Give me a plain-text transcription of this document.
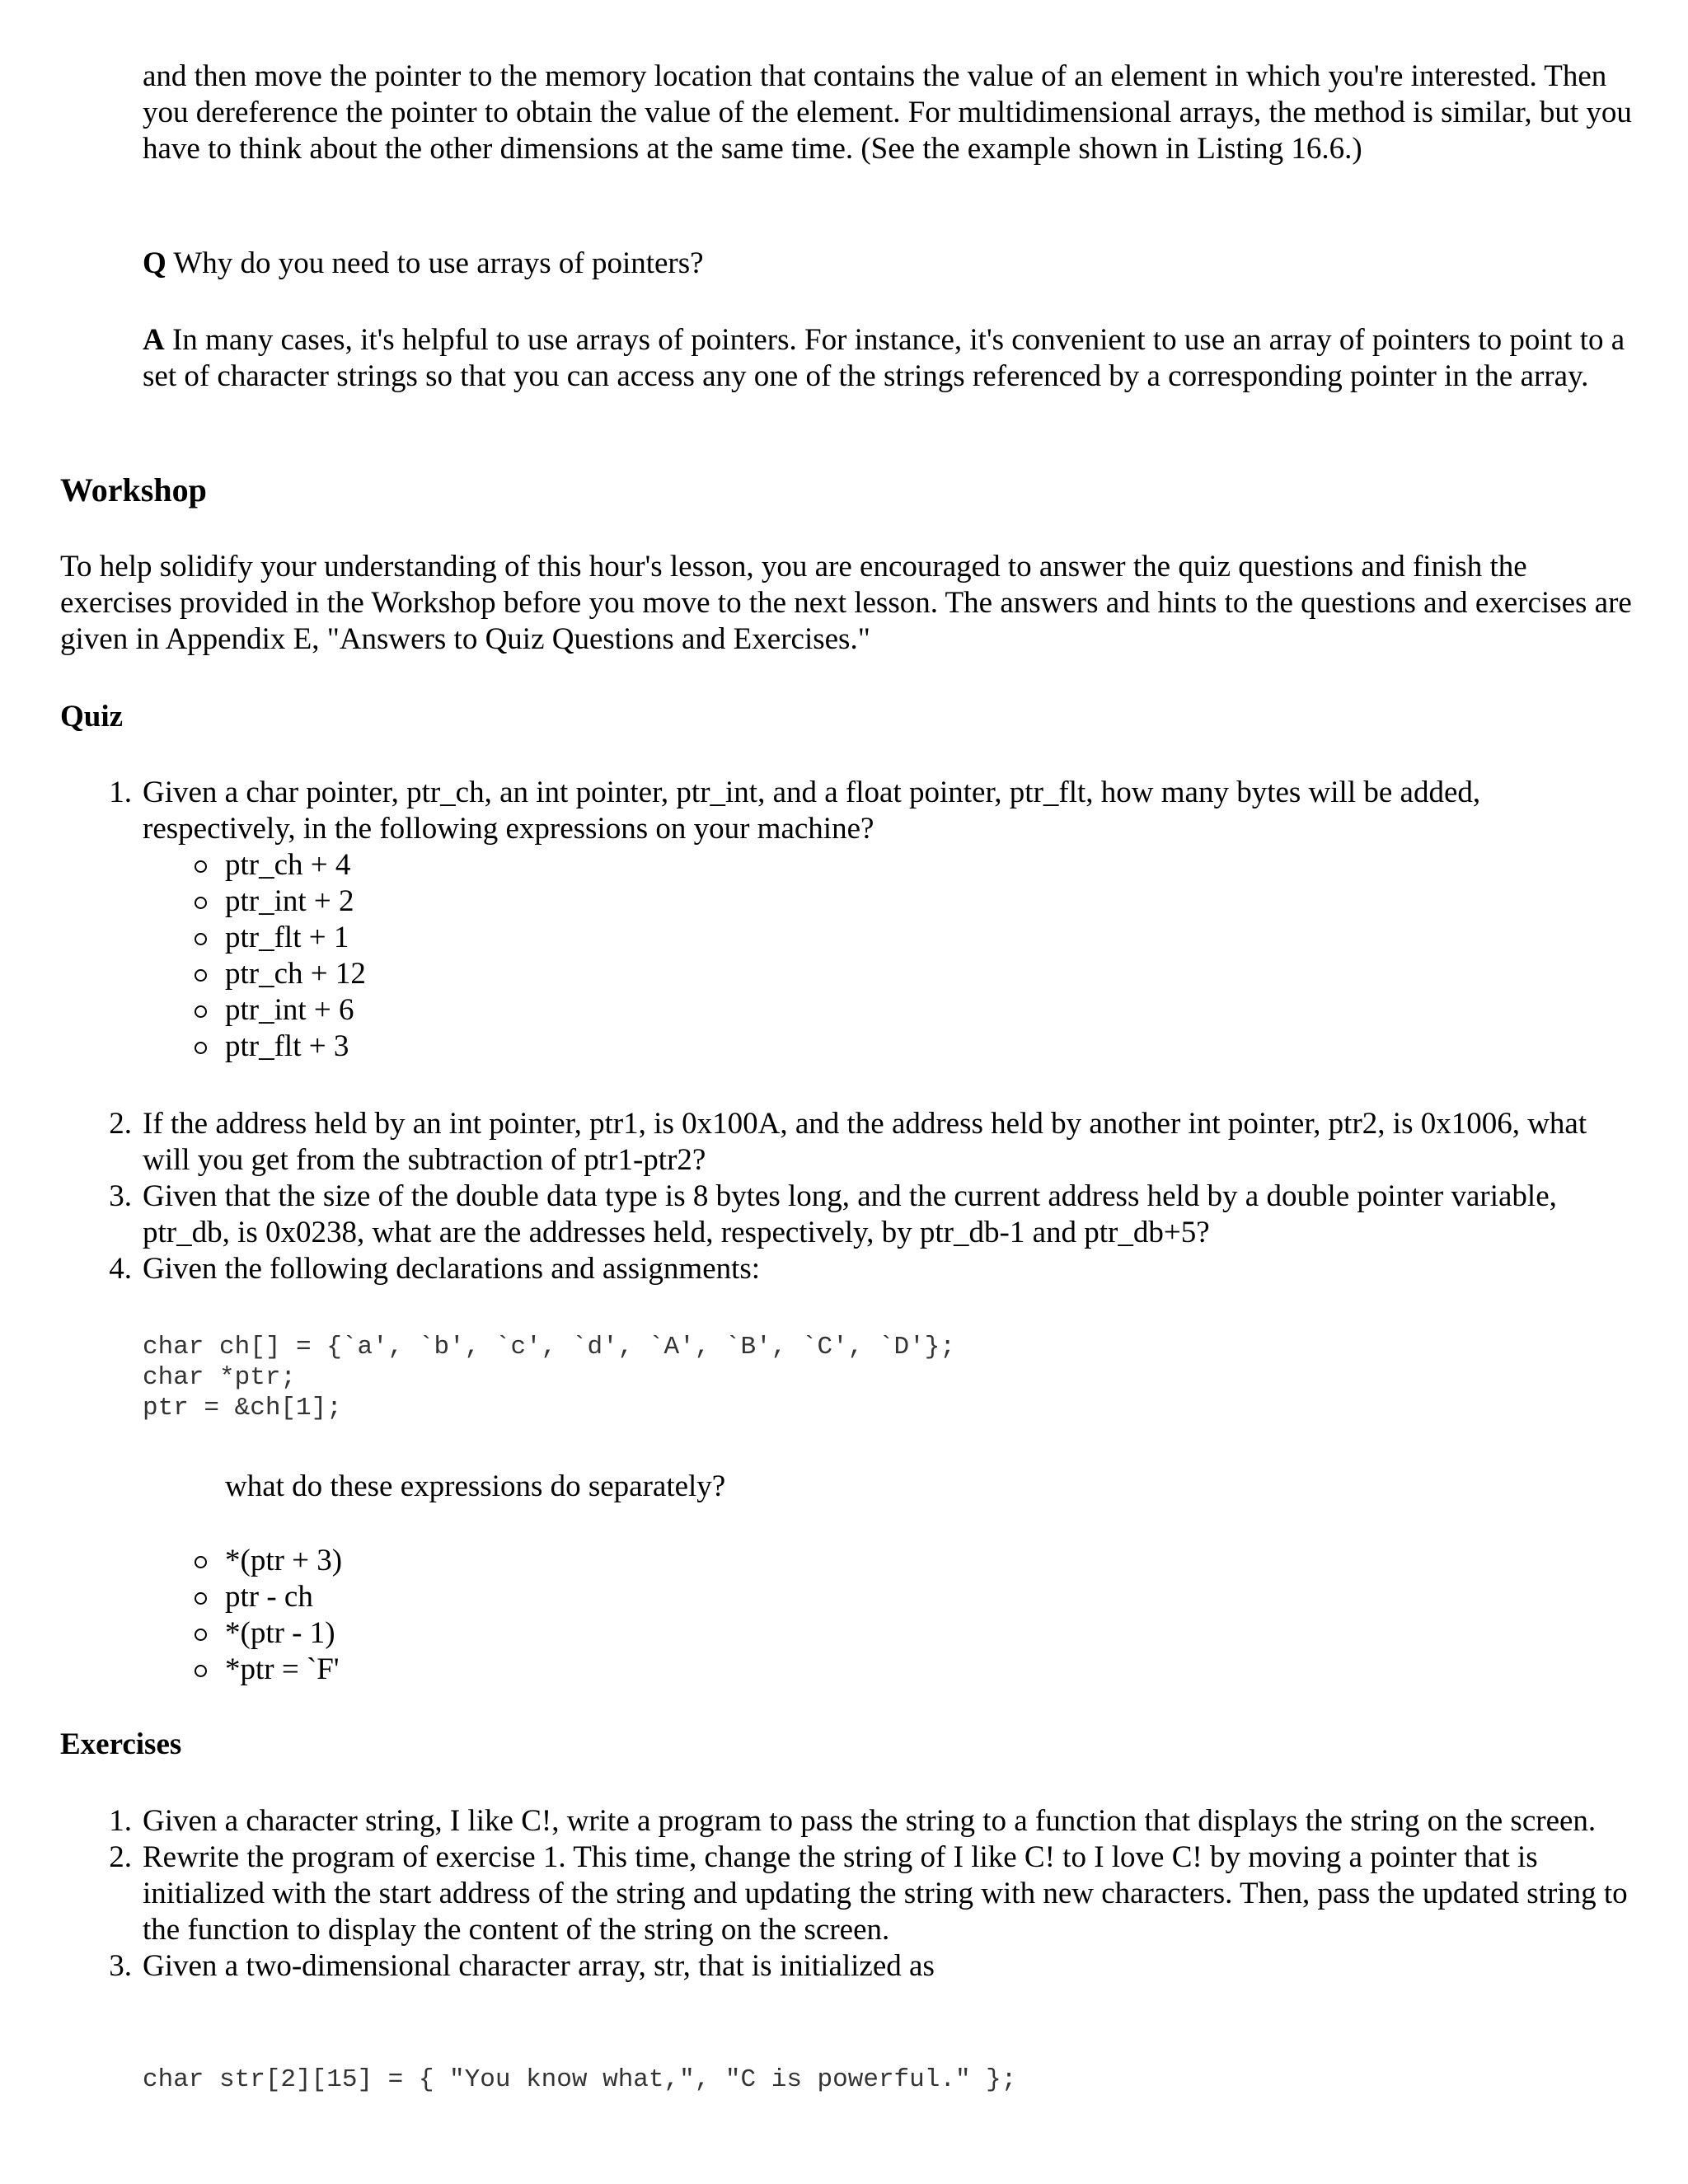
and then move the pointer to the memory location that contains the value of an element in which you're interested. Then you dereference the pointer to obtain the value of the element. For multidimensional arrays, the method is similar, but you have to think about the other dimensions at the same time. (See the example shown in Listing 16.6.)

Q Why do you need to use arrays of pointers?

A In many cases, it's helpful to use arrays of pointers. For instance, it's convenient to use an array of pointers to point to a set of character strings so that you can access any one of the strings referenced by a corresponding pointer in the array.

Workshop

To help solidify your understanding of this hour's lesson, you are encouraged to answer the quiz questions and finish the exercises provided in the Workshop before you move to the next lesson. The answers and hints to the questions and exercises are given in Appendix E, "Answers to Quiz Questions and Exercises."

Quiz
1. Given a char pointer, ptr_ch, an int pointer, ptr_int, and a float pointer, ptr_flt, how many bytes will be added, respectively, in the following expressions on your machine?
ptr_ch + 4
ptr_int + 2
ptr_flt + 1
ptr_ch + 12
ptr_int + 6
ptr_flt + 3
2. If the address held by an int pointer, ptr1, is 0x100A, and the address held by another int pointer, ptr2, is 0x1006, what will you get from the subtraction of ptr1-ptr2?
3. Given that the size of the double data type is 8 bytes long, and the current address held by a double pointer variable, ptr_db, is 0x0238, what are the addresses held, respectively, by ptr_db-1 and ptr_db+5?
4. Given the following declarations and assignments:
char ch[] = {`a', `b', `c', `d', `A', `B', `C', `D'};
char *ptr;
ptr = &ch[1];

what do these expressions do separately?

*(ptr + 3)
ptr - ch
*(ptr - 1)
*ptr = `F'
Exercises
1. Given a character string, I like C!, write a program to pass the string to a function that displays the string on the screen.
2. Rewrite the program of exercise 1. This time, change the string of I like C! to I love C! by moving a pointer that is initialized with the start address of the string and updating the string with new characters. Then, pass the updated string to the function to display the content of the string on the screen.
3. Given a two-dimensional character array, str, that is initialized as
char str[2][15] = { "You know what,", "C is powerful." };
